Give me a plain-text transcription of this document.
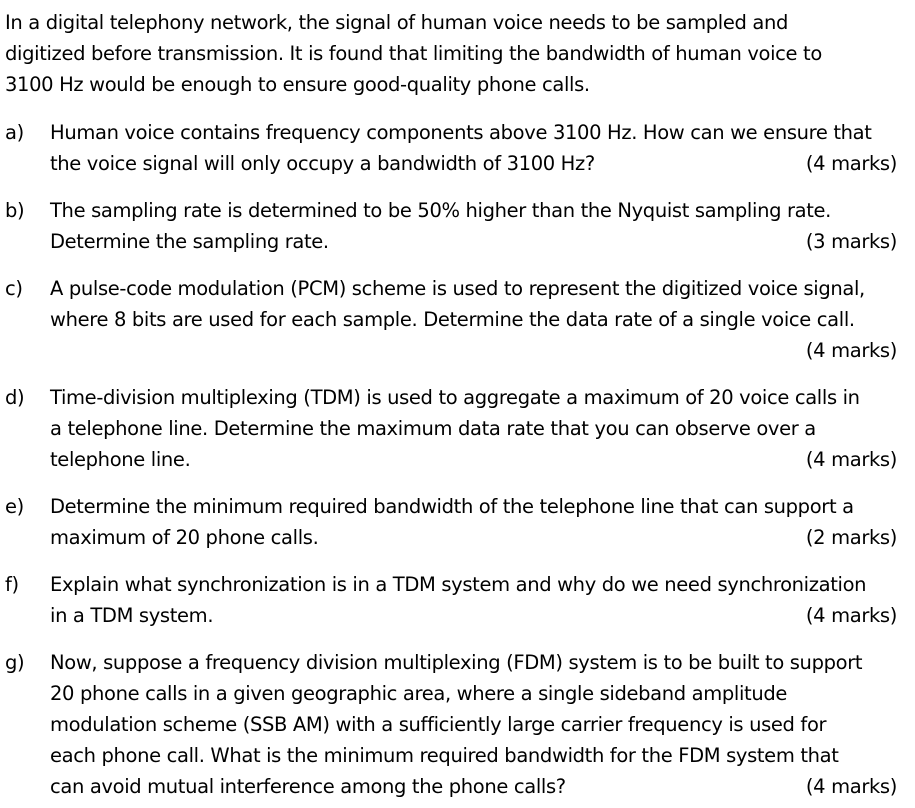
In a digital telephony network, the signal of human voice needs to be sampled and
digitized before transmission. It is found that limiting the bandwidth of human voice to
3100 Hz would be enough to ensure good-quality phone calls.
a) Human voice contains frequency components above 3100 Hz. How can we ensure that
the voice signal will only occupy a bandwidth of 3100 Hz?	(4 marks)
b) The sampling rate is determined to be 50% higher than the Nyquist sampling rate.
Determine the sampling rate.	(3 marks)
c) A pulse-code modulation (PCM) scheme is used to represent the digitized voice signal,
where 8 bits are used for each sample. Determine the data rate of a single voice call.
(4 marks)
d) Time-division multiplexing (TDM) is used to aggregate a maximum of 20 voice calls in
a telephone line. Determine the maximum data rate that you can observe over a
telephone line.	(4 marks)
e) Determine the minimum required bandwidth of the telephone line that can support a
maximum of 20 phone calls.	(2 marks)
f) Explain what synchronization is in a TDM system and why do we need synchronization
in a TDM system.	(4 marks)
g) Now, suppose a frequency division multiplexing (FDM) system is to be built to support
20 phone calls in a given geographic area, where a single sideband amplitude
modulation scheme (SSB AM) with a sufficiently large carrier frequency is used for
each phone call. What is the minimum required bandwidth for the FDM system that
can avoid mutual interference among the phone calls?	(4 marks)
